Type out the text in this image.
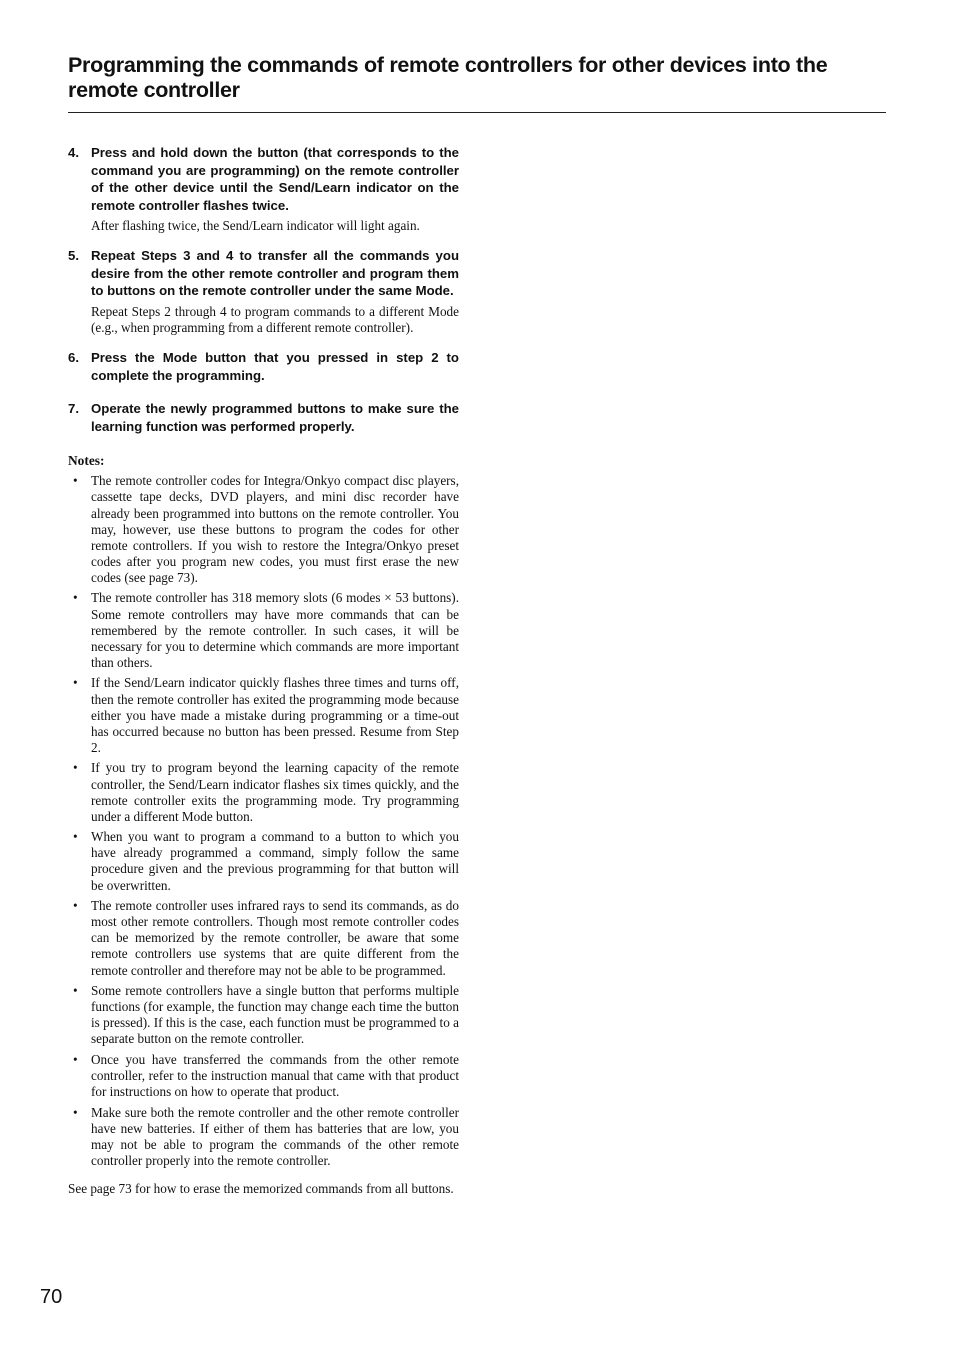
Programming the commands of remote controllers for other devices into the remote controller
4. Press and hold down the button (that corresponds to the command you are programming) on the remote controller of the other device until the Send/Learn indicator on the remote controller flashes twice.

After flashing twice, the Send/Learn indicator will light again.

5. Repeat Steps 3 and 4 to transfer all the commands you desire from the other remote controller and program them to buttons on the remote controller under the same Mode.

Repeat Steps 2 through 4 to program commands to a different Mode (e.g., when programming from a different remote controller).

6. Press the Mode button that you pressed in step 2 to complete the programming.

7. Operate the newly programmed buttons to make sure the learning function was performed properly.

Notes:

• The remote controller codes for Integra/Onkyo compact disc players, cassette tape decks, DVD players, and mini disc recorder have already been programmed into buttons on the remote controller. You may, however, use these buttons to program the codes for other remote controllers. If you wish to restore the Integra/Onkyo preset codes after you program new codes, you must first erase the new codes (see page 73).
• The remote controller has 318 memory slots (6 modes × 53 buttons). Some remote controllers may have more commands that can be remembered by the remote controller. In such cases, it will be necessary for you to determine which commands are more important than others.
• If the Send/Learn indicator quickly flashes three times and turns off, then the remote controller has exited the programming mode because either you have made a mistake during programming or a time-out has occurred because no button has been pressed. Resume from Step 2.
• If you try to program beyond the learning capacity of the remote controller, the Send/Learn indicator flashes six times quickly, and the remote controller exits the programming mode. Try programming under a different Mode button.
• When you want to program a command to a button to which you have already programmed a command, simply follow the same procedure given and the previous programming for that button will be overwritten.
• The remote controller uses infrared rays to send its commands, as do most other remote controllers. Though most remote controller codes can be memorized by the remote controller, be aware that some remote controllers use systems that are quite different from the remote controller and therefore may not be able to be programmed.
• Some remote controllers have a single button that performs multiple functions (for example, the function may change each time the button is pressed). If this is the case, each function must be programmed to a separate button on the remote controller.
• Once you have transferred the commands from the other remote controller, refer to the instruction manual that came with that product for instructions on how to operate that product.
• Make sure both the remote controller and the other remote controller have new batteries. If either of them has batteries that are low, you may not be able to program the commands of the other remote controller properly into the remote controller.

See page 73 for how to erase the memorized commands from all buttons.

70
